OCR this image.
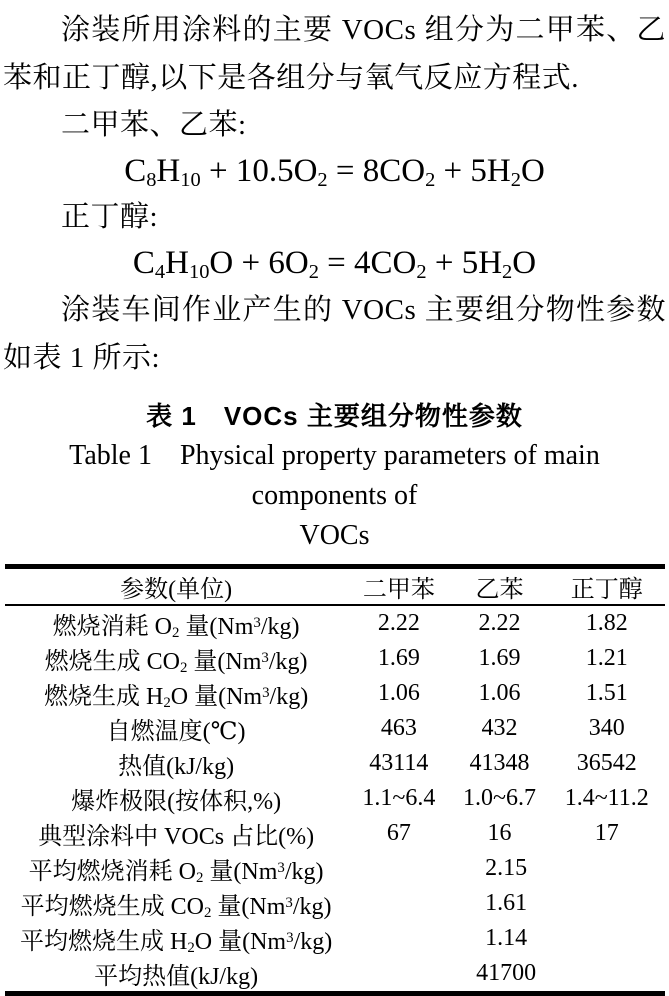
涂装所用涂料的主要 VOCs 组分为二甲苯、乙苯和正丁醇,以下是各组分与氧气反应方程式.

二甲苯、乙苯:

$C_8H_{10} + 10.5O_2 = 8CO_2 + 5H_2O$

正丁醇:

$C_4H_{10}O + 6O_2 = 4CO_2 + 5H_2O$

涂装车间作业产生的 VOCs 主要组分物性参数如表 1 所示:

表 1　VOCs 主要组分物性参数
Table 1　Physical property parameters of main components of
VOCs
参数(单位)	二甲苯	乙苯	正丁醇
燃烧消耗 $O_2$ 量(Nm$^3$/kg)	2.22	2.22	1.82
燃烧生成 $CO_2$ 量(Nm$^3$/kg)	1.69	1.69	1.21
燃烧生成 $H_2O$ 量(Nm$^3$/kg)	1.06	1.06	1.51
自燃温度(℃)	463	432	340
热值(kJ/kg)	43114	41348	36542
爆炸极限(按体积,%)	1.1~6.4	1.0~6.7	1.4~11.2
典型涂料中 VOCs 占比(%)	67	16	17
平均燃烧消耗 $O_2$ 量(Nm$^3$/kg)	2.15		
平均燃烧生成 $CO_2$ 量(Nm$^3$/kg)	1.61		
平均燃烧生成 $H_2O$ 量(Nm$^3$/kg)	1.14		
平均热值(kJ/kg)	41700		
